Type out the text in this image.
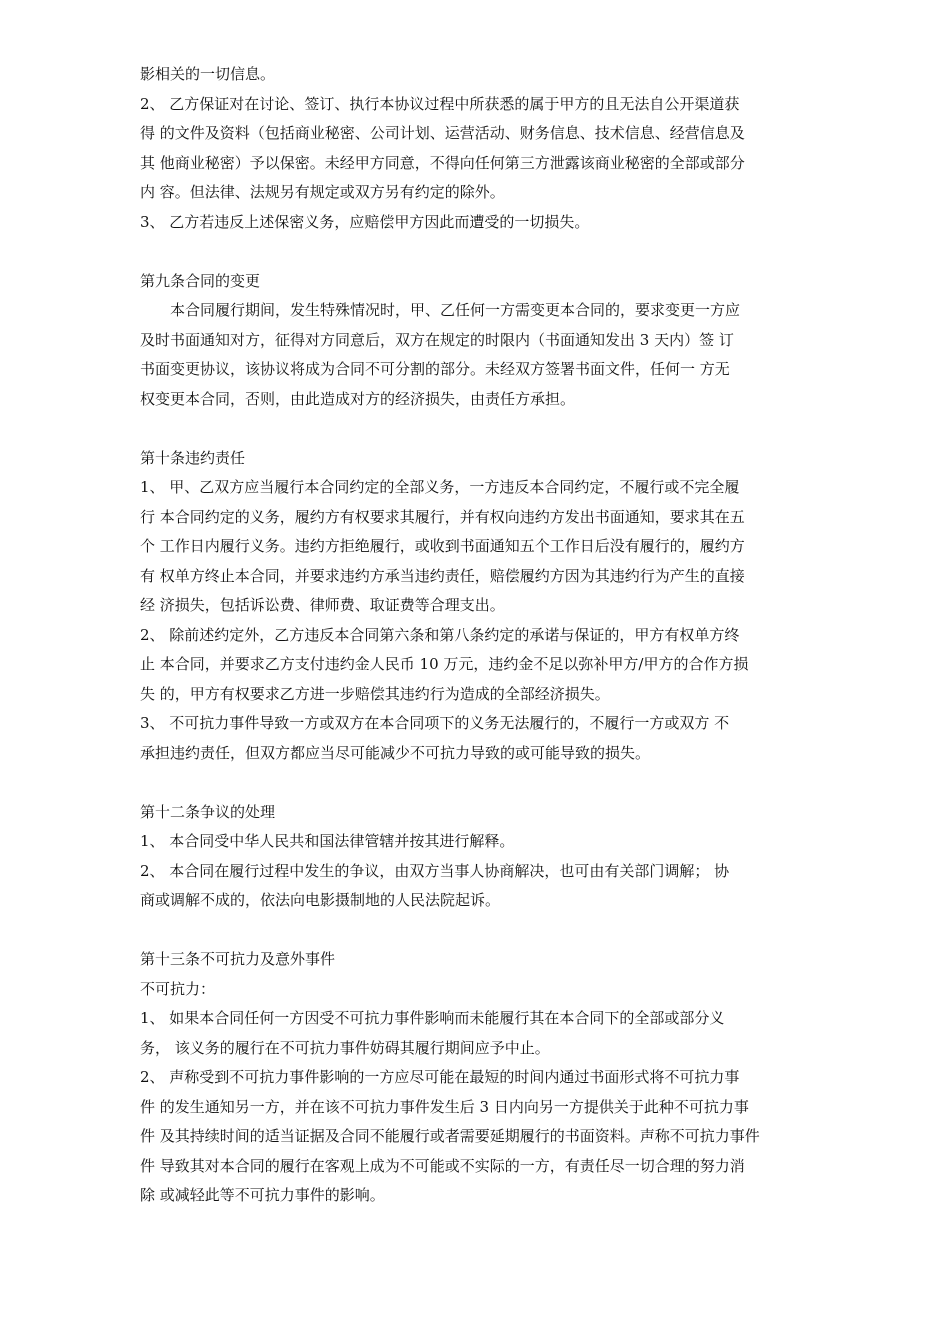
影相关的一切信息。
2、 乙方保证对在讨论、签订、执行本协议过程中所获悉的属于甲方的且无法自公开渠道获
得 的文件及资料（包括商业秘密、公司计划、运营活动、财务信息、技术信息、经营信息及
其 他商业秘密）予以保密。未经甲方同意，不得向任何第三方泄露该商业秘密的全部或部分
内 容。但法律、法规另有规定或双方另有约定的除外。
3、 乙方若违反上述保密义务，应赔偿甲方因此而遭受的一切损失。
第九条合同的变更
本合同履行期间，发生特殊情况时，甲、乙任何一方需变更本合同的，要求变更一方应
及时书面通知对方，征得对方同意后，双方在规定的时限内（书面通知发出 3 天内）签 订
书面变更协议，该协议将成为合同不可分割的部分。未经双方签署书面文件，任何一 方无
权变更本合同，否则，由此造成对方的经济损失，由责任方承担。
第十条违约责任
1、 甲、乙双方应当履行本合同约定的全部义务，一方违反本合同约定，不履行或不完全履
行 本合同约定的义务，履约方有权要求其履行，并有权向违约方发出书面通知，要求其在五
个 工作日内履行义务。违约方拒绝履行，或收到书面通知五个工作日后没有履行的，履约方
有 权单方终止本合同，并要求违约方承当违约责任，赔偿履约方因为其违约行为产生的直接
经 济损失，包括诉讼费、律师费、取证费等合理支出。
2、 除前述约定外，乙方违反本合同第六条和第八条约定的承诺与保证的，甲方有权单方终
止 本合同，并要求乙方支付违约金人民币 10 万元，违约金不足以弥补甲方/甲方的合作方损
失 的，甲方有权要求乙方进一步赔偿其违约行为造成的全部经济损失。
3、 不可抗力事件导致一方或双方在本合同项下的义务无法履行的，不履行一方或双方 不
承担违约责任，但双方都应当尽可能减少不可抗力导致的或可能导致的损失。
第十二条争议的处理
1、 本合同受中华人民共和国法律管辖并按其进行解释。
2、 本合同在履行过程中发生的争议，由双方当事人协商解决，也可由有关部门调解； 协
商或调解不成的，依法向电影摄制地的人民法院起诉。
第十三条不可抗力及意外事件
不可抗力：
1、 如果本合同任何一方因受不可抗力事件影响而未能履行其在本合同下的全部或部分义
务， 该义务的履行在不可抗力事件妨碍其履行期间应予中止。
2、 声称受到不可抗力事件影响的一方应尽可能在最短的时间内通过书面形式将不可抗力事
件 的发生通知另一方，并在该不可抗力事件发生后 3 日内向另一方提供关于此种不可抗力事
件 及其持续时间的适当证据及合同不能履行或者需要延期履行的书面资料。声称不可抗力事件
件 导致其对本合同的履行在客观上成为不可能或不实际的一方，有责任尽一切合理的努力消
除 或减轻此等不可抗力事件的影响。
